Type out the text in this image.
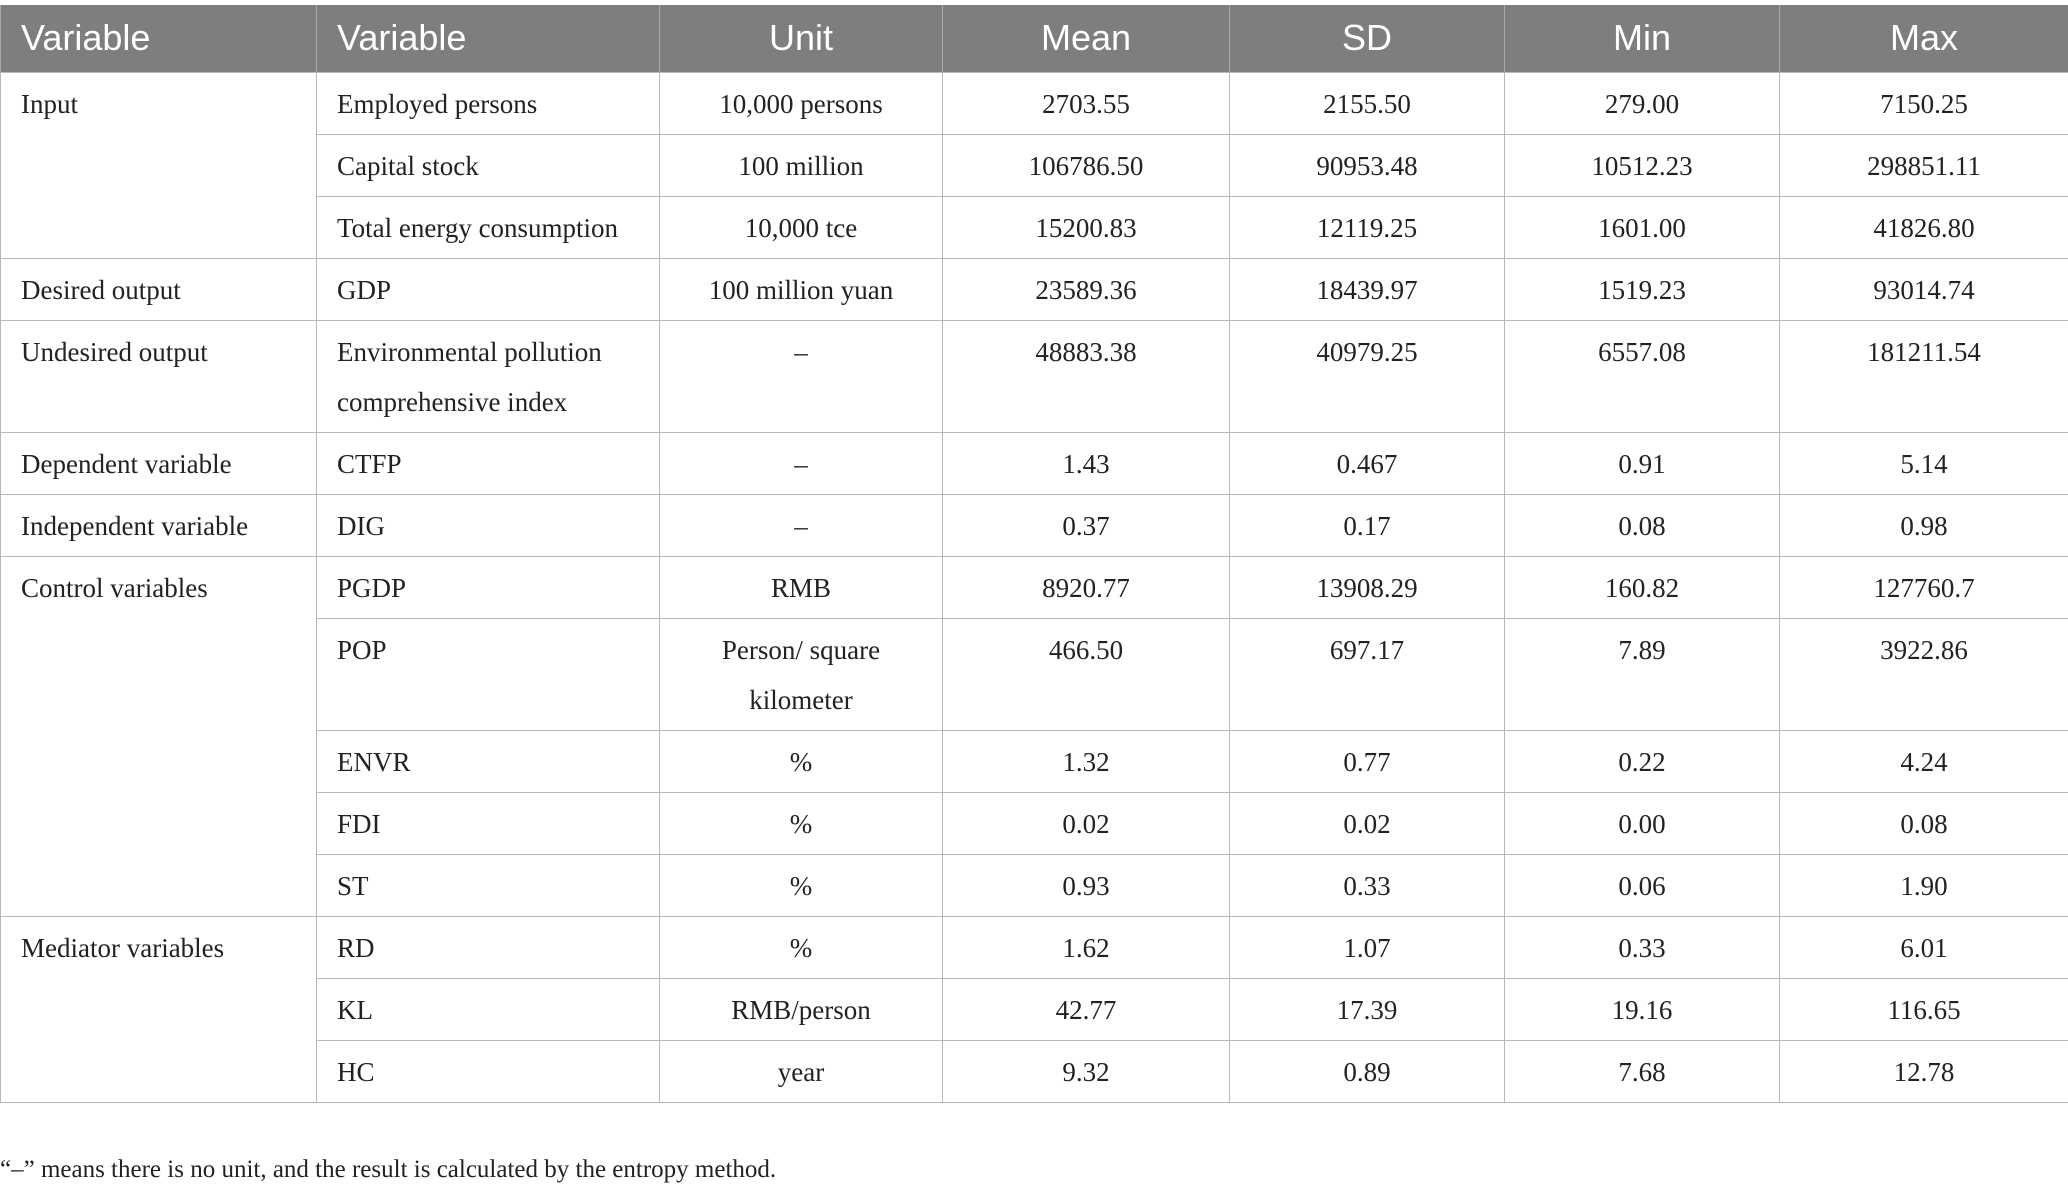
Variable	Variable	Unit	Mean	SD	Min	Max
Input	Employed persons	10,000 persons	2703.55	2155.50	279.00	7150.25
	Capital stock	100 million	106786.50	90953.48	10512.23	298851.11
	Total energy consumption	10,000 tce	15200.83	12119.25	1601.00	41826.80
Desired output	GDP	100 million yuan	23589.36	18439.97	1519.23	93014.74
Undesired output	Environmental pollution comprehensive index	–	48883.38	40979.25	6557.08	181211.54
Dependent variable	CTFP	–	1.43	0.467	0.91	5.14
Independent variable	DIG	–	0.37	0.17	0.08	0.98
Control variables	PGDP	RMB	8920.77	13908.29	160.82	127760.7
	POP	Person/ square kilometer	466.50	697.17	7.89	3922.86
	ENVR	%	1.32	0.77	0.22	4.24
	FDI	%	0.02	0.02	0.00	0.08
	ST	%	0.93	0.33	0.06	1.90
Mediator variables	RD	%	1.62	1.07	0.33	6.01
	KL	RMB/person	42.77	17.39	19.16	116.65
	HC	year	9.32	0.89	7.68	12.78
“–” means there is no unit, and the result is calculated by the entropy method.
